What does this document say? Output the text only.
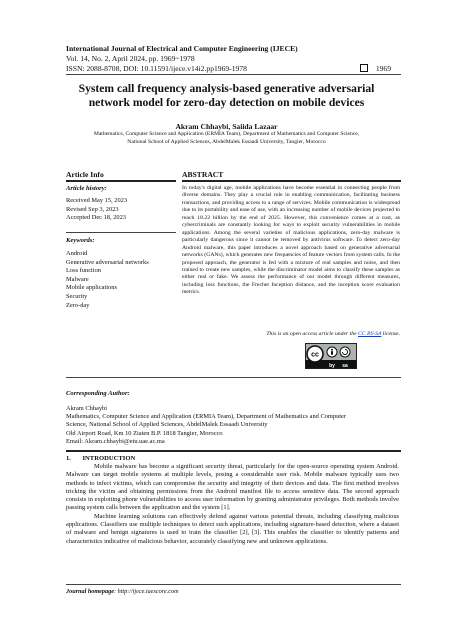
International Journal of Electrical and Computer Engineering (IJECE)
Vol. 14, No. 2, April 2024, pp. 1969~1978
ISSN: 2088-8708, DOI: 10.11591/ijece.v14i2.pp1969-1978	1969
System call frequency analysis-based generative adversarial network model for zero-day detection on mobile devices
Akram Chhaybi, Saiida Lazaar
Mathematics, Computer Science and Application (ERMIA Team), Department of Mathematics and Computer Science,
National School of Applied Sciences, AbdelMalek Essaadi University, Tangier, Morocco
Article Info
Article history:
Received May 15, 2023
Revised Sep 3, 2023
Accepted Dec 18, 2023
Keywords:
Android
Generative adversarial networks
Loss function
Malware
Mobile applications
Security
Zero-day
ABSTRACT
In today's digital age, mobile applications have become essential in connecting people from diverse domains. They play a crucial role in enabling communication, facilitating business transactions, and providing access to a range of services. Mobile communication is widespread due to its portability and ease of use, with an increasing number of mobile devices projected to reach 18.22 billion by the end of 2025. However, this convenience comes at a cost, as cybercriminals are constantly looking for ways to exploit security vulnerabilities in mobile applications. Among the several varieties of malicious applications, zero-day malware is particularly dangerous since it cannot be removed by antivirus software. To detect zero-day Android malware, this paper introduces a novel approach based on generative adversarial networks (GANs), which generates new frequencies of feature vectors from system calls. In the proposed approach, the generator is fed with a mixture of real samples and noise, and then trained to create new samples, while the discriminator model aims to classify these samples as either real or fake. We assess the performance of our model through different measures, including loss functions, the Frechet Inception distance, and the inception score evaluation metrics.
This is an open access article under the CC BY-SA license.
cc
by sa
Corresponding Author:
Akram Chhaybi
Mathematics, Computer Science and Application (ERMIA Team), Department of Mathematics and Computer
Science, National School of Applied Sciences, AbdelMalek Essaadi University
Old Airport Road, Km 10 Ziaten B.P. 1818 Tangier, Morocco
Email: Akram.chhaybi@etu.uae.ac.ma
1.       INTRODUCTION

Mobile malware has become a significant security threat, particularly for the open-source operating system Android. Malware can target mobile systems at multiple levels, posing a considerable user risk. Mobile malware typically uses two methods to infect victims, which can compromise the security and integrity of their devices and data. The first method involves tricking the victim and obtaining permissions from the Android manifest file to access sensitive data. The second approach consists in exploiting phone vulnerabilities to access user information by granting administrator privileges. Both methods involve passing system calls between the application and the system [1].

Machine learning solutions can effectively defend against various potential threats, including classifying malicious applications. Classifiers use multiple techniques to detect such applications, including signature-based detection, where a dataset of malware and benign signatures is used to train the classifier [2], [3]. This enables the classifier to identify patterns and characteristics indicative of malicious behavior, accurately classifying new and unknown applications.

Journal homepage: http://ijece.iaescore.com
